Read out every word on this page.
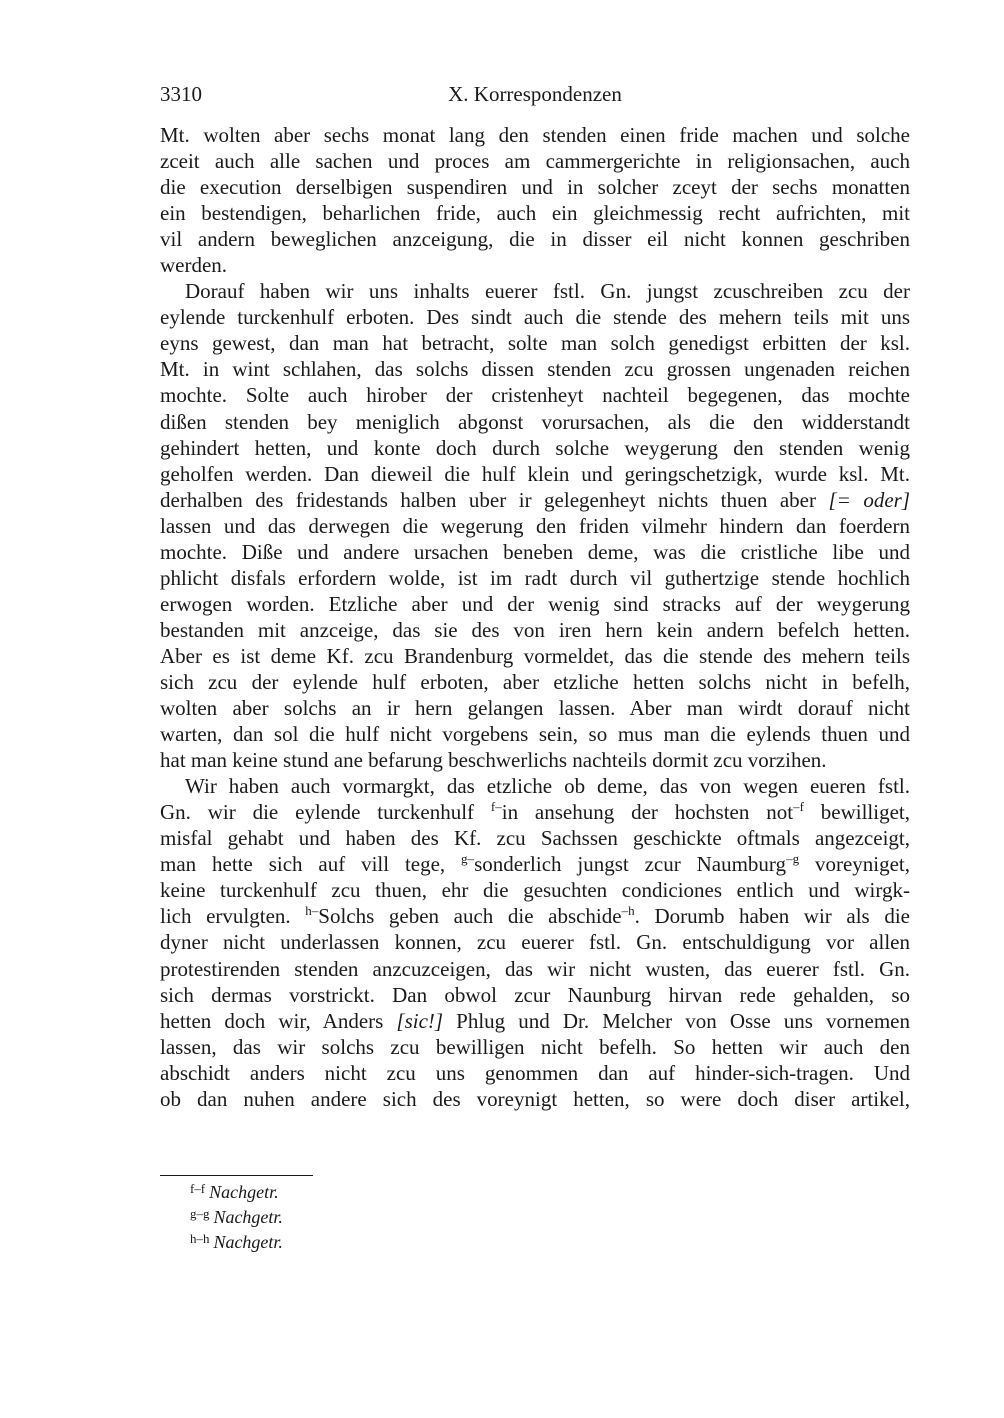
3310	X. Korrespondenzen
Mt. wolten aber sechs monat lang den stenden einen fride machen und solche
zceit auch alle sachen und proces am cammergerichte in religionsachen, auch
die execution derselbigen suspendiren und in solcher zceyt der sechs monatten
ein bestendigen, beharlichen fride, auch ein gleichmessig recht aufrichten, mit
vil andern beweglichen anzceigung, die in disser eil nicht konnen geschriben
werden.
Dorauf haben wir uns inhalts euerer fstl. Gn. jungst zcuschreiben zcu der
eylende turckenhulf erboten. Des sindt auch die stende des mehern teils mit uns
eyns gewest, dan man hat betracht, solte man solch genedigst erbitten der ksl.
Mt. in wint schlahen, das solchs dissen stenden zcu grossen ungenaden reichen
mochte. Solte auch hirober der cristenheyt nachteil begegenen, das mochte
dißen stenden bey meniglich abgonst vorursachen, als die den widderstandt
gehindert hetten, und konte doch durch solche weygerung den stenden wenig
geholfen werden. Dan dieweil die hulf klein und geringschetzigk, wurde ksl. Mt.
derhalben des fridestands halben uber ir gelegenheyt nichts thuen aber [= oder]
lassen und das derwegen die wegerung den friden vilmehr hindern dan foerdern
mochte. Diße und andere ursachen beneben deme, was die cristliche libe und
phlicht disfals erfordern wolde, ist im radt durch vil guthertzige stende hochlich
erwogen worden. Etzliche aber und der wenig sind stracks auf der weygerung
bestanden mit anzceige, das sie des von iren hern kein andern befelch hetten.
Aber es ist deme Kf. zcu Brandenburg vormeldet, das die stende des mehern teils
sich zcu der eylende hulf erboten, aber etzliche hetten solchs nicht in befelh,
wolten aber solchs an ir hern gelangen lassen. Aber man wirdt dorauf nicht
warten, dan sol die hulf nicht vorgebens sein, so mus man die eylends thuen und
hat man keine stund ane befarung beschwerlichs nachteils dormit zcu vorzihen.
Wir haben auch vormargkt, das etzliche ob deme, das von wegen eueren fstl.
Gn. wir die eylende turckenhulf $^{f-}$in ansehung der hochsten not$^{-f}$ bewilliget,
misfal gehabt und haben des Kf. zcu Sachssen geschickte oftmals angezceigt,
man hette sich auf vill tege, $^{g-}$sonderlich jungst zcur Naumburg$^{-g}$ voreyniget,
keine turckenhulf zcu thuen, ehr die gesuchten condiciones entlich und wirgk-
lich ervulgten. $^{h-}$Solchs geben auch die abschide$^{-h}$. Dorumb haben wir als die
dyner nicht underlassen konnen, zcu euerer fstl. Gn. entschuldigung vor allen
protestirenden stenden anzcuzceigen, das wir nicht wusten, das euerer fstl. Gn.
sich dermas vorstrickt. Dan obwol zcur Naunburg hirvan rede gehalden, so
hetten doch wir, Anders [sic!] Phlug und Dr. Melcher von Osse uns vornemen
lassen, das wir solchs zcu bewilligen nicht befelh. So hetten wir auch den
abschidt anders nicht zcu uns genommen dan auf hinder-sich-tragen. Und
ob dan nuhen andere sich des voreynigt hetten, so were doch diser artikel,
$^{f-f}$ Nachgetr.
$^{g-g}$ Nachgetr.
$^{h-h}$ Nachgetr.
